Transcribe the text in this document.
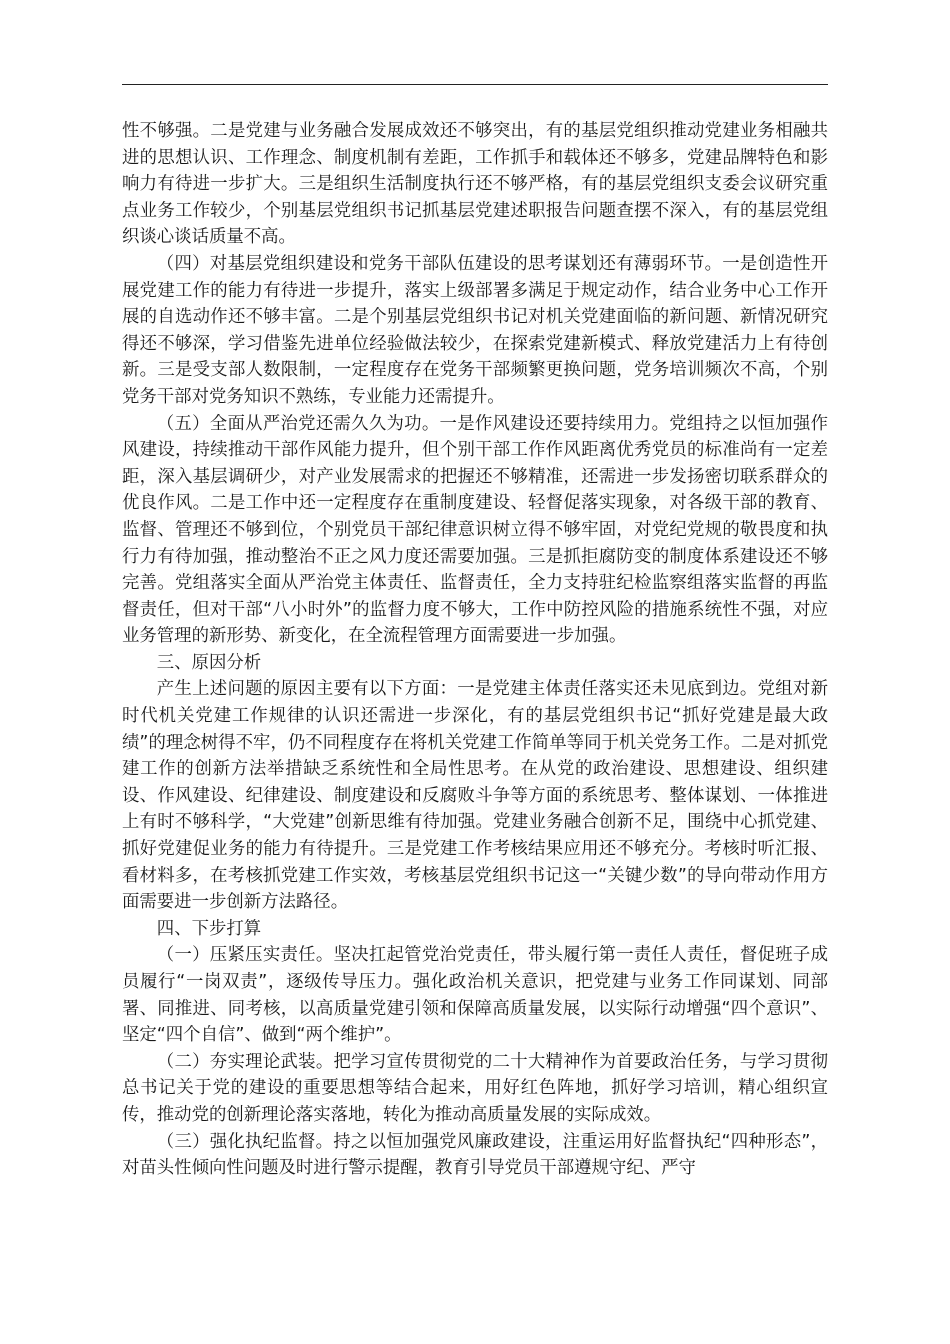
性不够强。二是党建与业务融合发展成效还不够突出，有的基层党组织推动党建业务相融共进的思想认识、工作理念、制度机制有差距，工作抓手和载体还不够多，党建品牌特色和影响力有待进一步扩大。三是组织生活制度执行还不够严格，有的基层党组织支委会议研究重点业务工作较少，个别基层党组织书记抓基层党建述职报告问题查摆不深入，有的基层党组织谈心谈话质量不高。

（四）对基层党组织建设和党务干部队伍建设的思考谋划还有薄弱环节。一是创造性开展党建工作的能力有待进一步提升，落实上级部署多满足于规定动作，结合业务中心工作开展的自选动作还不够丰富。二是个别基层党组织书记对机关党建面临的新问题、新情况研究得还不够深，学习借鉴先进单位经验做法较少，在探索党建新模式、释放党建活力上有待创新。三是受支部人数限制，一定程度存在党务干部频繁更换问题，党务培训频次不高，个别党务干部对党务知识不熟练，专业能力还需提升。

（五）全面从严治党还需久久为功。一是作风建设还要持续用力。党组持之以恒加强作风建设，持续推动干部作风能力提升，但个别干部工作作风距离优秀党员的标准尚有一定差距，深入基层调研少，对产业发展需求的把握还不够精准，还需进一步发扬密切联系群众的优良作风。二是工作中还一定程度存在重制度建设、轻督促落实现象，对各级干部的教育、监督、管理还不够到位，个别党员干部纪律意识树立得不够牢固，对党纪党规的敬畏度和执行力有待加强，推动整治不正之风力度还需要加强。三是抓拒腐防变的制度体系建设还不够完善。党组落实全面从严治党主体责任、监督责任，全力支持驻纪检监察组落实监督的再监督责任，但对干部“八小时外”的监督力度不够大，工作中防控风险的措施系统性不强，对应业务管理的新形势、新变化，在全流程管理方面需要进一步加强。

三、原因分析

产生上述问题的原因主要有以下方面：一是党建主体责任落实还未见底到边。党组对新时代机关党建工作规律的认识还需进一步深化，有的基层党组织书记“抓好党建是最大政绩”的理念树得不牢，仍不同程度存在将机关党建工作简单等同于机关党务工作。二是对抓党建工作的创新方法举措缺乏系统性和全局性思考。在从党的政治建设、思想建设、组织建设、作风建设、纪律建设、制度建设和反腐败斗争等方面的系统思考、整体谋划、一体推进上有时不够科学，“大党建”创新思维有待加强。党建业务融合创新不足，围绕中心抓党建、抓好党建促业务的能力有待提升。三是党建工作考核结果应用还不够充分。考核时听汇报、看材料多，在考核抓党建工作实效，考核基层党组织书记这一“关键少数”的导向带动作用方面需要进一步创新方法路径。

四、下步打算

（一）压紧压实责任。坚决扛起管党治党责任，带头履行第一责任人责任，督促班子成员履行“一岗双责”，逐级传导压力。强化政治机关意识，把党建与业务工作同谋划、同部署、同推进、同考核，以高质量党建引领和保障高质量发展，以实际行动增强“四个意识”、坚定“四个自信”、做到“两个维护”。

（二）夯实理论武装。把学习宣传贯彻党的二十大精神作为首要政治任务，与学习贯彻总书记关于党的建设的重要思想等结合起来，用好红色阵地，抓好学习培训，精心组织宣传，推动党的创新理论落实落地，转化为推动高质量发展的实际成效。

（三）强化执纪监督。持之以恒加强党风廉政建设，注重运用好监督执纪“四种形态”，对苗头性倾向性问题及时进行警示提醒，教育引导党员干部遵规守纪、严守
